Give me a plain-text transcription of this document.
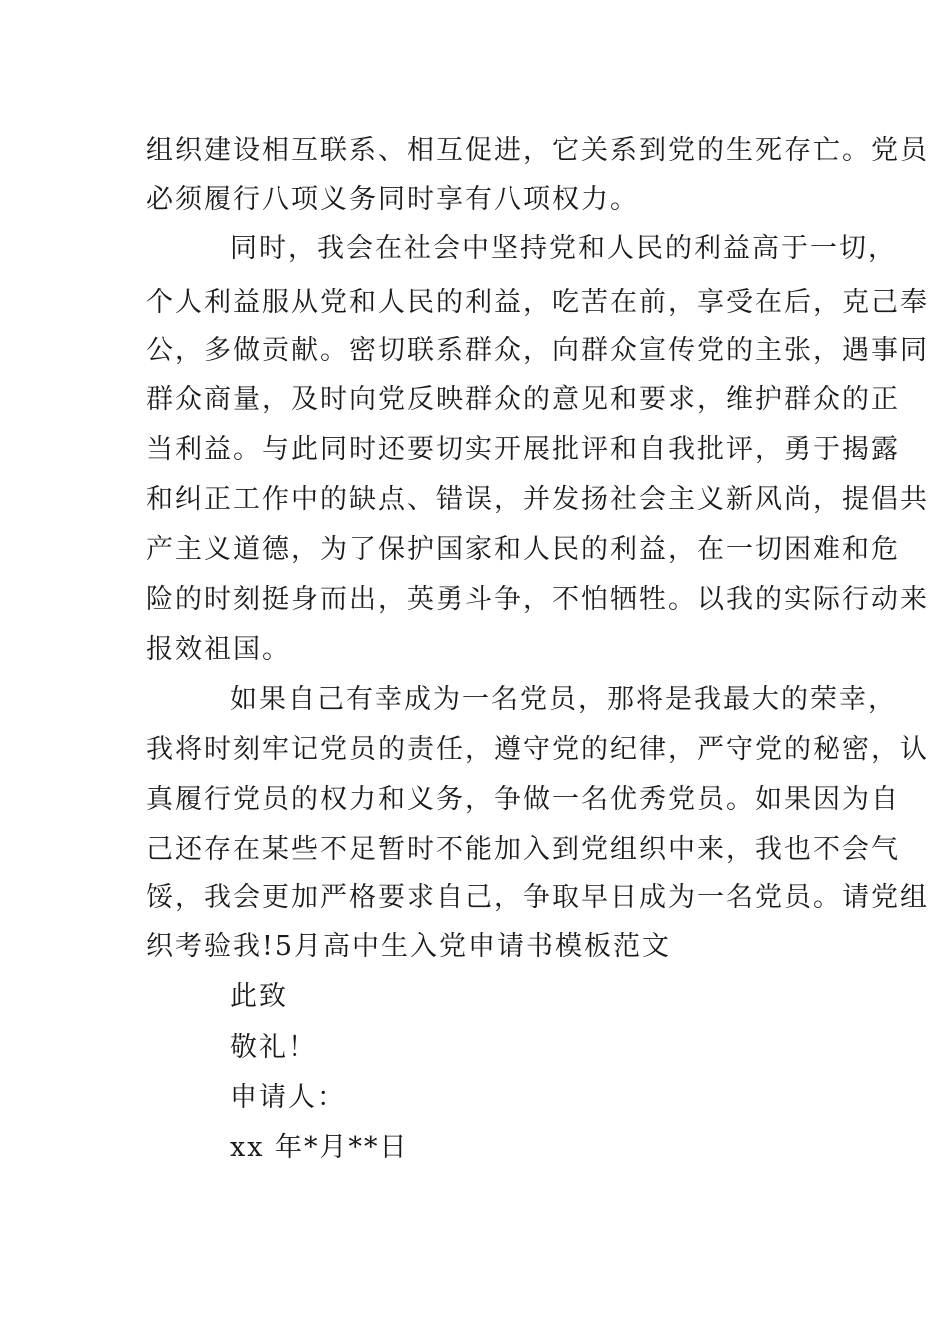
组织建设相互联系、相互促进，它关系到党的生死存亡。党员
必须履行八项义务同时享有八项权力。
同时，我会在社会中坚持党和人民的利益高于一切，
个人利益服从党和人民的利益，吃苦在前，享受在后，克己奉
公，多做贡献。密切联系群众，向群众宣传党的主张，遇事同
群众商量，及时向党反映群众的意见和要求，维护群众的正
当利益。与此同时还要切实开展批评和自我批评，勇于揭露
和纠正工作中的缺点、错误，并发扬社会主义新风尚，提倡共
产主义道德，为了保护国家和人民的利益，在一切困难和危
险的时刻挺身而出，英勇斗争，不怕牺牲。以我的实际行动来
报效祖国。
如果自己有幸成为一名党员，那将是我最大的荣幸，
我将时刻牢记党员的责任，遵守党的纪律，严守党的秘密，认
真履行党员的权力和义务，争做一名优秀党员。如果因为自
己还存在某些不足暂时不能加入到党组织中来，我也不会气
馁，我会更加严格要求自己，争取早日成为一名党员。请党组
织考验我!5月高中生入党申请书模板范文
此致
敬礼！
申请人：
xx 年*月**日
